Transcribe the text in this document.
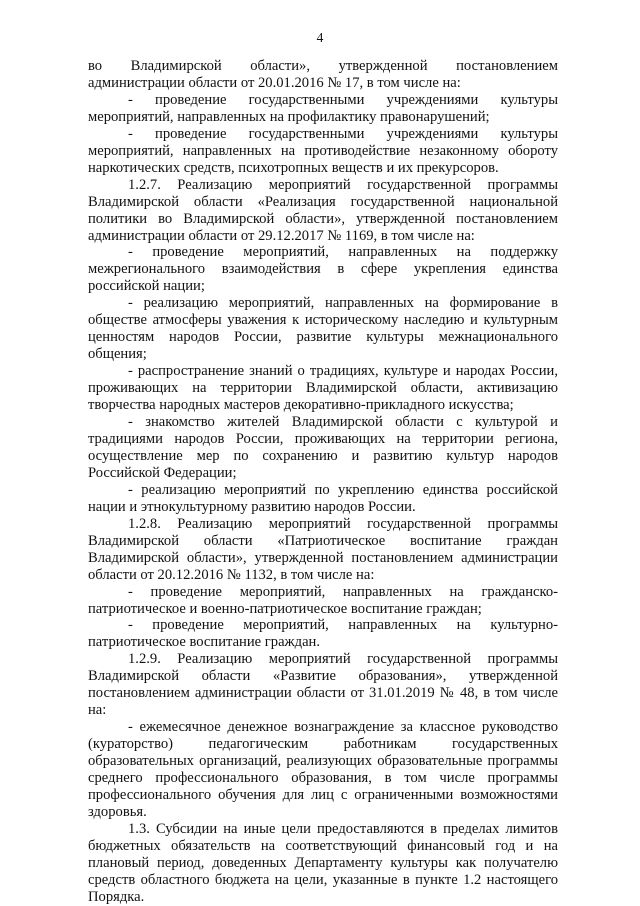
4

во Владимирской области», утвержденной постановлением администрации области от 20.01.2016 № 17, в том числе на:

- проведение государственными учреждениями культуры мероприятий, направленных на профилактику правонарушений;

- проведение государственными учреждениями культуры мероприятий, направленных на противодействие незаконному обороту наркотических средств, психотропных веществ и их прекурсоров.

1.2.7. Реализацию мероприятий государственной программы Владимирской области «Реализация государственной национальной политики во Владимирской области», утвержденной постановлением администрации области от 29.12.2017 № 1169, в том числе на:

- проведение мероприятий, направленных на поддержку межрегионального взаимодействия в сфере укрепления единства российской нации;

- реализацию мероприятий, направленных на формирование в обществе атмосферы уважения к историческому наследию и культурным ценностям народов России, развитие культуры межнационального общения;

- распространение знаний о традициях, культуре и народах России, проживающих на территории Владимирской области, активизацию творчества народных мастеров декоративно-прикладного искусства;

- знакомство жителей Владимирской области с культурой и традициями народов России, проживающих на территории региона, осуществление мер по сохранению и развитию культур народов Российской Федерации;

- реализацию мероприятий по укреплению единства российской нации и этнокультурному развитию народов России.

1.2.8. Реализацию мероприятий государственной программы Владимирской области «Патриотическое воспитание граждан Владимирской области», утвержденной постановлением администрации области от 20.12.2016 № 1132, в том числе на:

- проведение мероприятий, направленных на гражданско-патриотическое и военно-патриотическое воспитание граждан;

- проведение мероприятий, направленных на культурно-патриотическое воспитание граждан.

1.2.9. Реализацию мероприятий государственной программы Владимирской области «Развитие образования», утвержденной постановлением администрации области от 31.01.2019 № 48, в том числе на:

- ежемесячное денежное вознаграждение за классное руководство (кураторство) педагогическим работникам государственных образовательных организаций, реализующих образовательные программы среднего профессионального образования, в том числе программы профессионального обучения для лиц с ограниченными возможностями здоровья.

1.3. Субсидии на иные цели предоставляются в пределах лимитов бюджетных обязательств на соответствующий финансовый год и на плановый период, доведенных Департаменту культуры как получателю средств областного бюджета на цели, указанные в пункте 1.2 настоящего Порядка.
